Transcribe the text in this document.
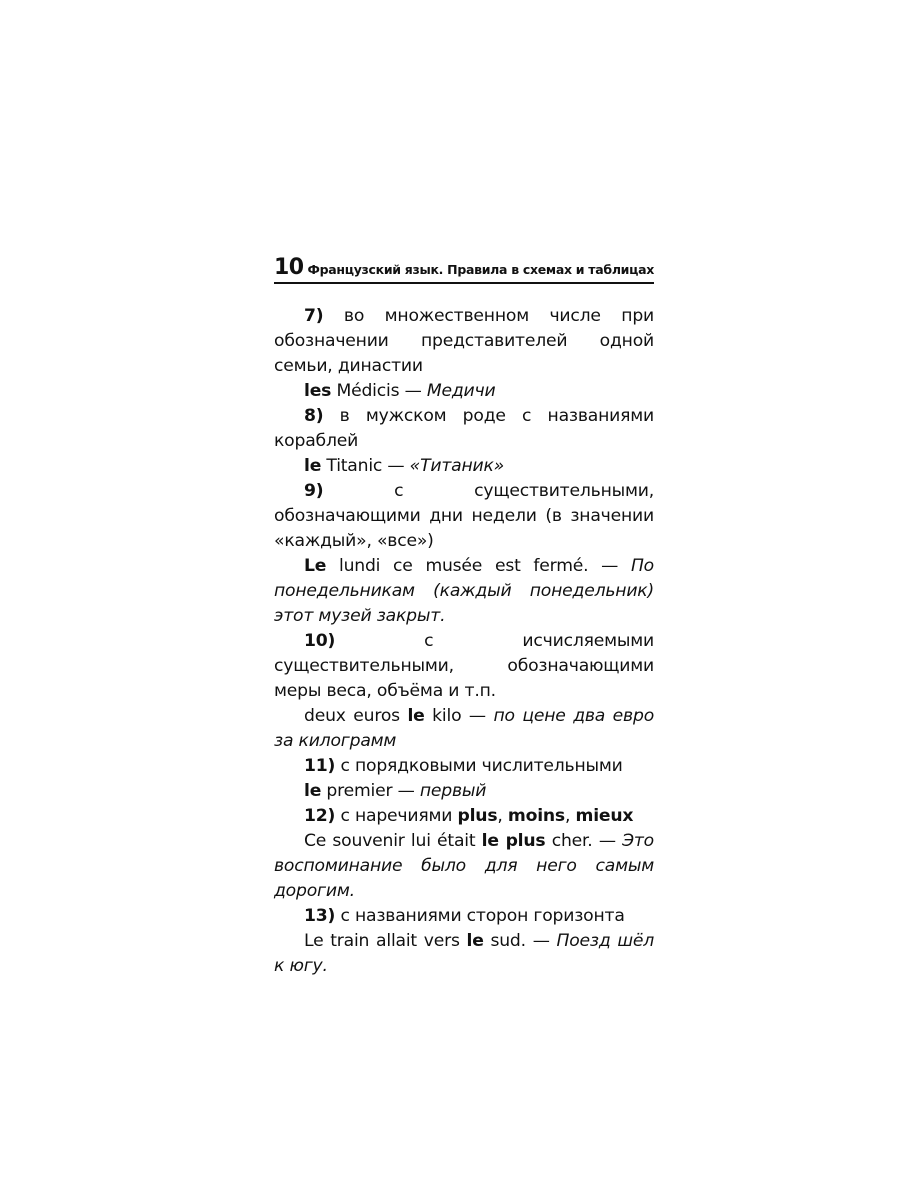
10 Французский язык. Правила в схемах и таблицах

7) во множественном числе при обозначении представителей одной семьи, династии

les Médicis — Медичи

8) в мужском роде с названиями кораблей

le Titanic — «Титаник»

9) с существительными, обозначающими дни недели (в значении «каждый», «все»)

Le lundi ce musée est fermé. — По понедельникам (каждый понедельник) этот музей закрыт.

10) с исчисляемыми существительными, обозначающими меры веса, объёма и т.п.

deux euros le kilo — по цене два евро за килограмм

11) с порядковыми числительными

le premier — первый

12) с наречиями plus, moins, mieux

Ce souvenir lui était le plus cher. — Это воспоминание было для него самым дорогим.

13) с названиями сторон горизонта

Le train allait vers le sud. — Поезд шёл к югу.
